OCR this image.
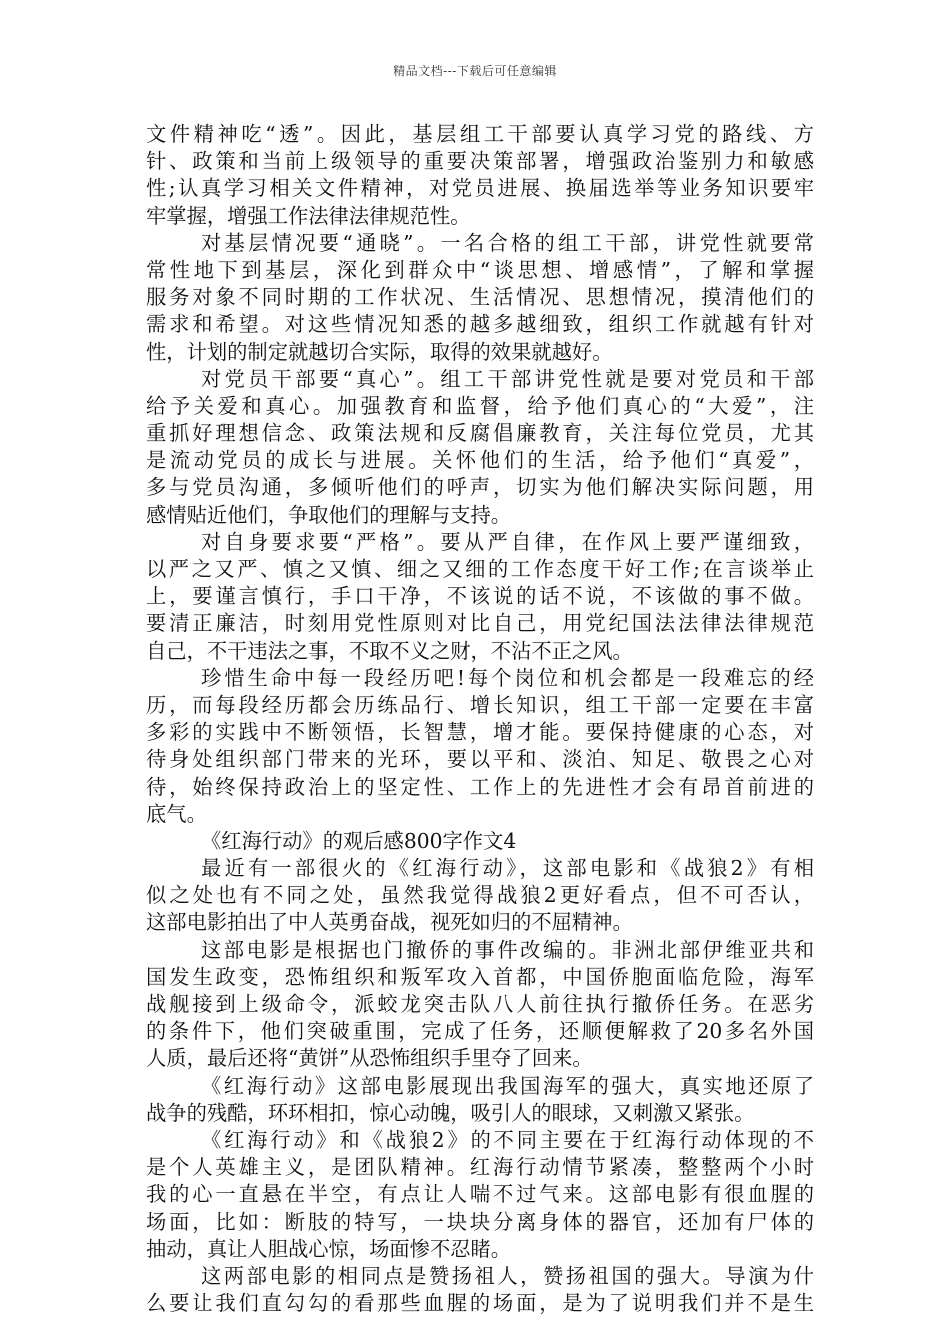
精品文档---下载后可任意编辑
文件精神吃“透”。因此，基层组工干部要认真学习党的路线、方
针、政策和当前上级领导的重要决策部署，增强政治鉴别力和敏感
性;认真学习相关文件精神，对党员进展、换届选举等业务知识要牢
牢掌握，增强工作法律法律规范性。
对基层情况要“通晓”。一名合格的组工干部，讲党性就要常
常性地下到基层，深化到群众中“谈思想、增感情”，了解和掌握
服务对象不同时期的工作状况、生活情况、思想情况，摸清他们的
需求和希望。对这些情况知悉的越多越细致，组织工作就越有针对
性，计划的制定就越切合实际，取得的效果就越好。
对党员干部要“真心”。组工干部讲党性就是要对党员和干部
给予关爱和真心。加强教育和监督，给予他们真心的“大爱”，注
重抓好理想信念、政策法规和反腐倡廉教育，关注每位党员，尤其
是流动党员的成长与进展。关怀他们的生活，给予他们“真爱”，
多与党员沟通，多倾听他们的呼声，切实为他们解决实际问题，用
感情贴近他们，争取他们的理解与支持。
对自身要求要“严格”。要从严自律，在作风上要严谨细致，
以严之又严、慎之又慎、细之又细的工作态度干好工作;在言谈举止
上，要谨言慎行，手口干净，不该说的话不说，不该做的事不做。
要清正廉洁，时刻用党性原则对比自己，用党纪国法法律法律规范
自己，不干违法之事，不取不义之财，不沾不正之风。
珍惜生命中每一段经历吧!每个岗位和机会都是一段难忘的经
历，而每段经历都会历练品行、增长知识，组工干部一定要在丰富
多彩的实践中不断领悟，长智慧，增才能。要保持健康的心态，对
待身处组织部门带来的光环，要以平和、淡泊、知足、敬畏之心对
待，始终保持政治上的坚定性、工作上的先进性才会有昂首前进的
底气。
《红海行动》的观后感800字作文4
最近有一部很火的《红海行动》，这部电影和《战狼2》有相
似之处也有不同之处，虽然我觉得战狼2更好看点，但不可否认，
这部电影拍出了中人英勇奋战，视死如归的不屈精神。
这部电影是根据也门撤侨的事件改编的。非洲北部伊维亚共和
国发生政变，恐怖组织和叛军攻入首都，中国侨胞面临危险，海军
战舰接到上级命令，派蛟龙突击队八人前往执行撤侨任务。在恶劣
的条件下，他们突破重围，完成了任务，还顺便解救了20多名外国
人质，最后还将“黄饼”从恐怖组织手里夺了回来。
《红海行动》这部电影展现出我国海军的强大，真实地还原了
战争的残酷，环环相扣，惊心动魄，吸引人的眼球，又刺激又紧张。
《红海行动》和《战狼2》的不同主要在于红海行动体现的不
是个人英雄主义，是团队精神。红海行动情节紧凑，整整两个小时
我的心一直悬在半空，有点让人喘不过气来。这部电影有很血腥的
场面，比如：断肢的特写，一块块分离身体的器官，还加有尸体的
抽动，真让人胆战心惊，场面惨不忍睹。
这两部电影的相同点是赞扬祖人，赞扬祖国的强大。导演为什
么要让我们直勾勾的看那些血腥的场面，是为了说明我们并不是生
